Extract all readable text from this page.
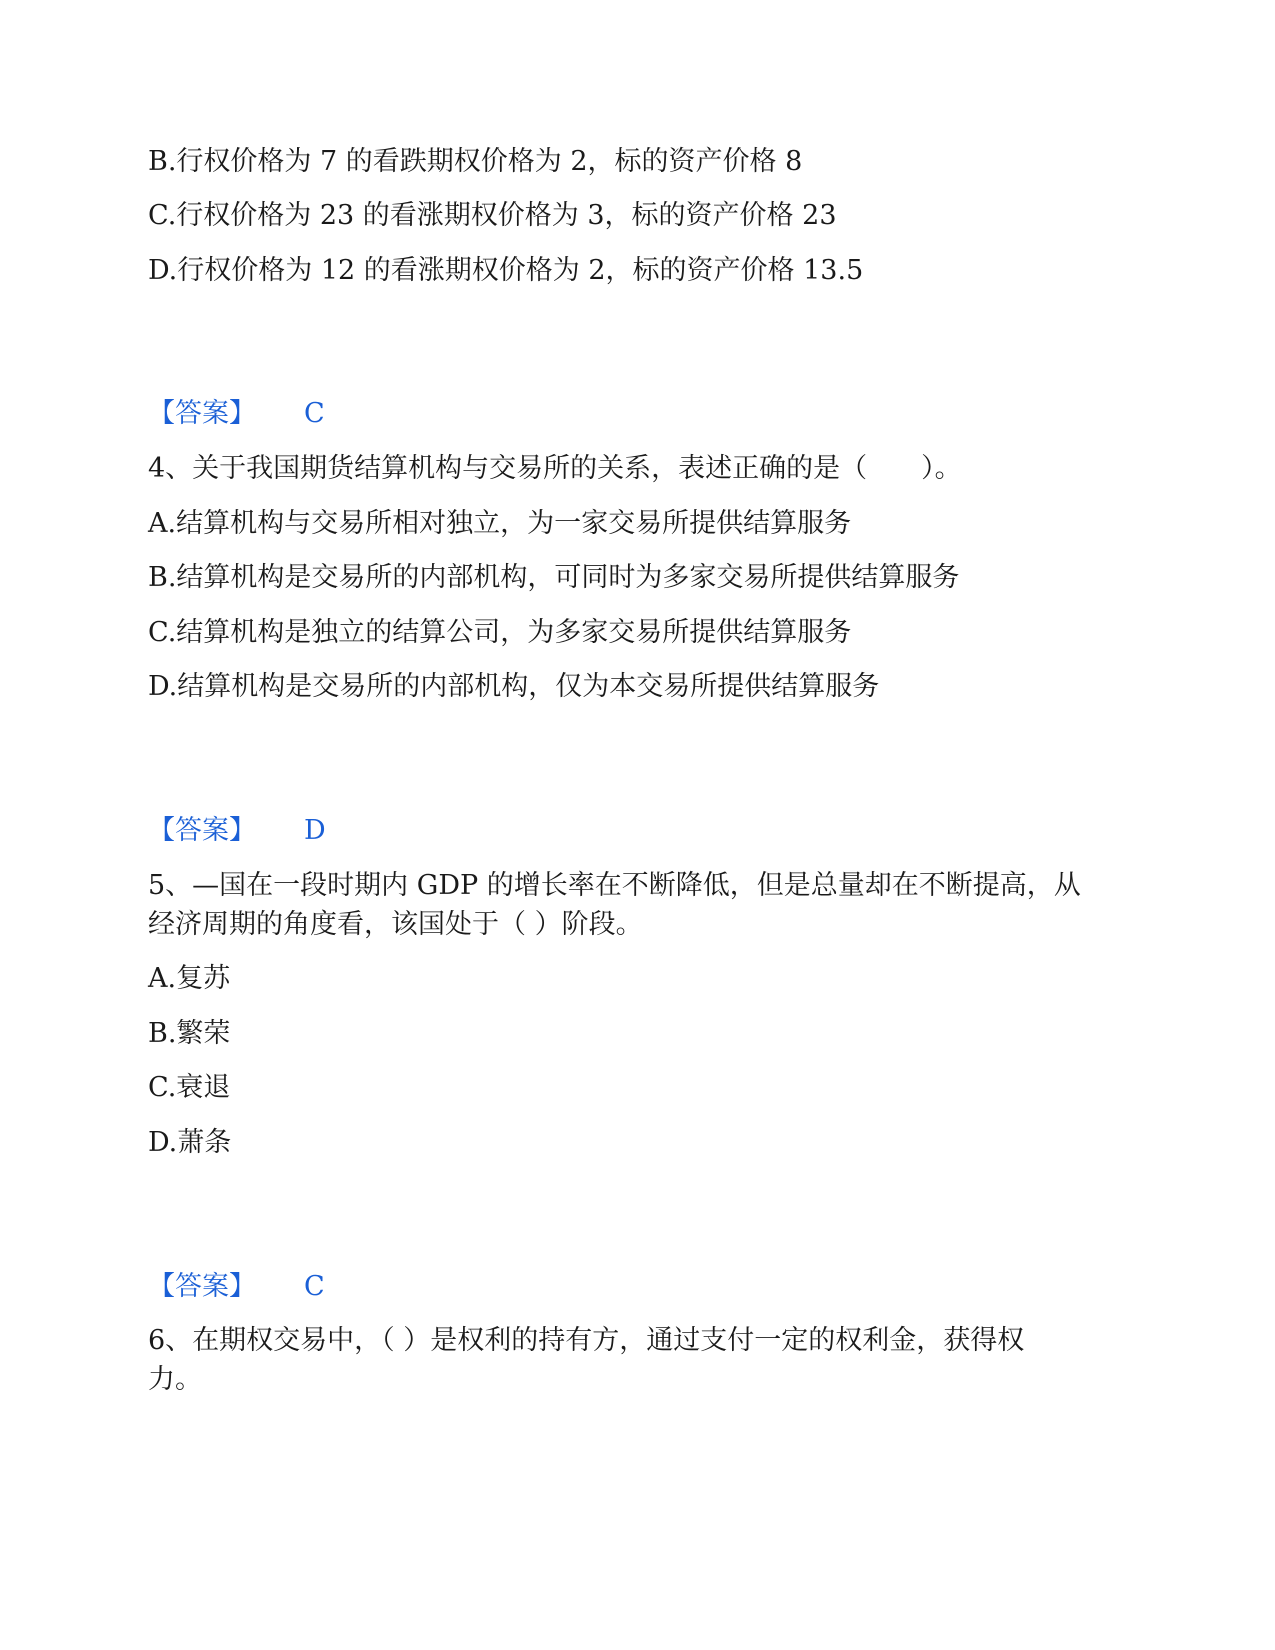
B.行权价格为 7 的看跌期权价格为 2，标的资产价格 8
C.行权价格为 23 的看涨期权价格为 3，标的资产价格 23
D.行权价格为 12 的看涨期权价格为 2，标的资产价格 13.5
【答案】 C
4、关于我国期货结算机构与交易所的关系，表述正确的是（　　）。
A.结算机构与交易所相对独立，为一家交易所提供结算服务
B.结算机构是交易所的内部机构，可同时为多家交易所提供结算服务
C.结算机构是独立的结算公司，为多家交易所提供结算服务
D.结算机构是交易所的内部机构，仅为本交易所提供结算服务
【答案】 D
5、—国在一段时期内 GDP 的增长率在不断降低，但是总量却在不断提高，从
经济周期的角度看，该国处于（ ）阶段。
A.复苏
B.繁荣
C.衰退
D.萧条
【答案】 C
6、在期权交易中，（ ）是权利的持有方，通过支付一定的权利金，获得权
力。
